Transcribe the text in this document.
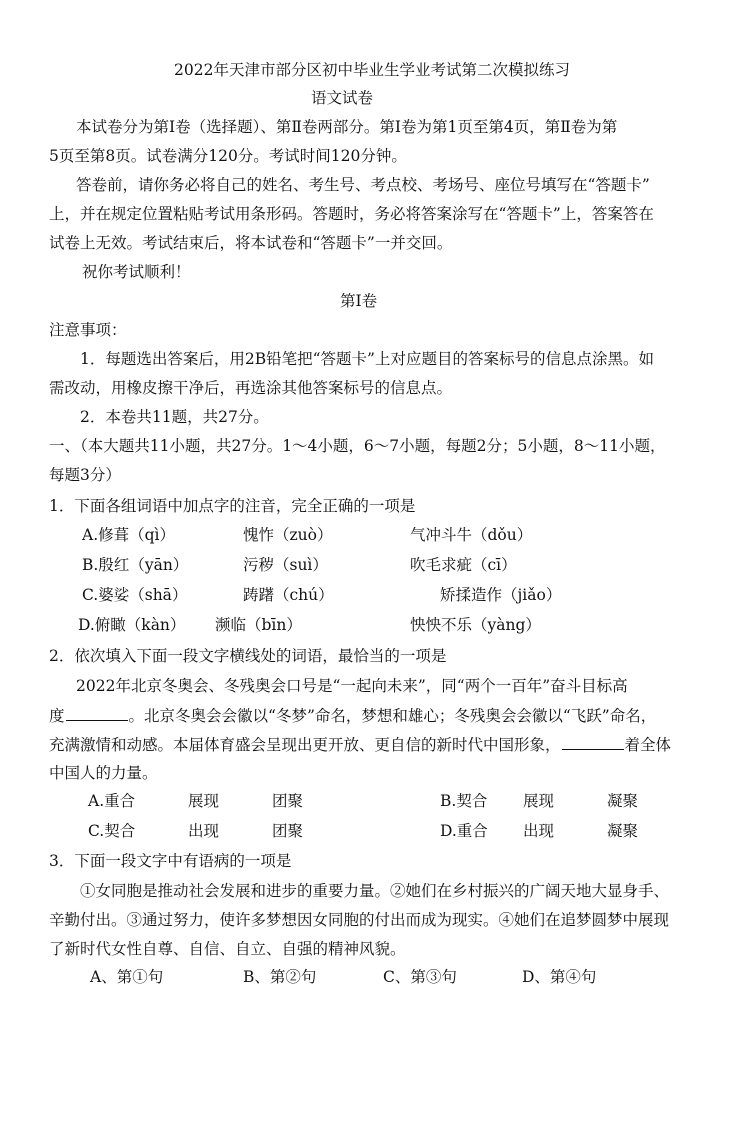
2022年天津市部分区初中毕业生学业考试第二次模拟练习
语文试卷
本试卷分为第Ⅰ卷（选择题）、第Ⅱ卷两部分。第Ⅰ卷为第1页至第4页，第Ⅱ卷为第
5页至第8页。试卷满分120分。考试时间120分钟。
答卷前，请你务必将自己的姓名、考生号、考点校、考场号、座位号填写在“答题卡”
上，并在规定位置粘贴考试用条形码。答题时，务必将答案涂写在“答题卡”上，答案答在
试卷上无效。考试结束后，将本试卷和“答题卡”一并交回。
祝你考试顺利！
第Ⅰ卷
注意事项：
1．每题选出答案后，用2B铅笔把“答题卡”上对应题目的答案标号的信息点涂黑。如
需改动，用橡皮擦干净后，再选涂其他答案标号的信息点。
2．本卷共11题，共27分。
一、（本大题共11小题，共27分。1～4小题，6～7小题，每题2分；5小题，8～11小题，
每题3分）
1．下面各组词语中加点字的注音，完全正确的一项是
A.修葺（qì）	愧怍（zuò）	气冲斗牛（dǒu）
B.殷红（yān）	污秽（suì）	吹毛求疵（cī）
C.婆娑（shā）	踌躇（chú）	矫揉造作（jiǎo）
D.俯瞰（kàn） 濒临（bīn）	怏怏不乐（yàng）
2．依次填入下面一段文字横线处的词语，最恰当的一项是
2022年北京冬奥会、冬残奥会口号是“一起向未来”，同“两个一百年”奋斗目标高
度	。北京冬奥会会徽以“冬梦”命名，梦想和雄心；冬残奥会会徽以“飞跃”命名，
充满激情和动感。本届体育盛会呈现出更开放、更自信的新时代中国形象，	着全体
中国人的力量。
A.重合	展现	团聚	B.契合 展现	凝聚
C.契合	出现	团聚	D.重合 出现	凝聚
3．下面一段文字中有语病的一项是
①女同胞是推动社会发展和进步的重要力量。②她们在乡村振兴的广阔天地大显身手、
辛勤付出。③通过努力，使许多梦想因女同胞的付出而成为现实。④她们在追梦圆梦中展现
了新时代女性自尊、自信、自立、自强的精神风貌。
A、第①句	B、第②句	C、第③句	D、第④句
